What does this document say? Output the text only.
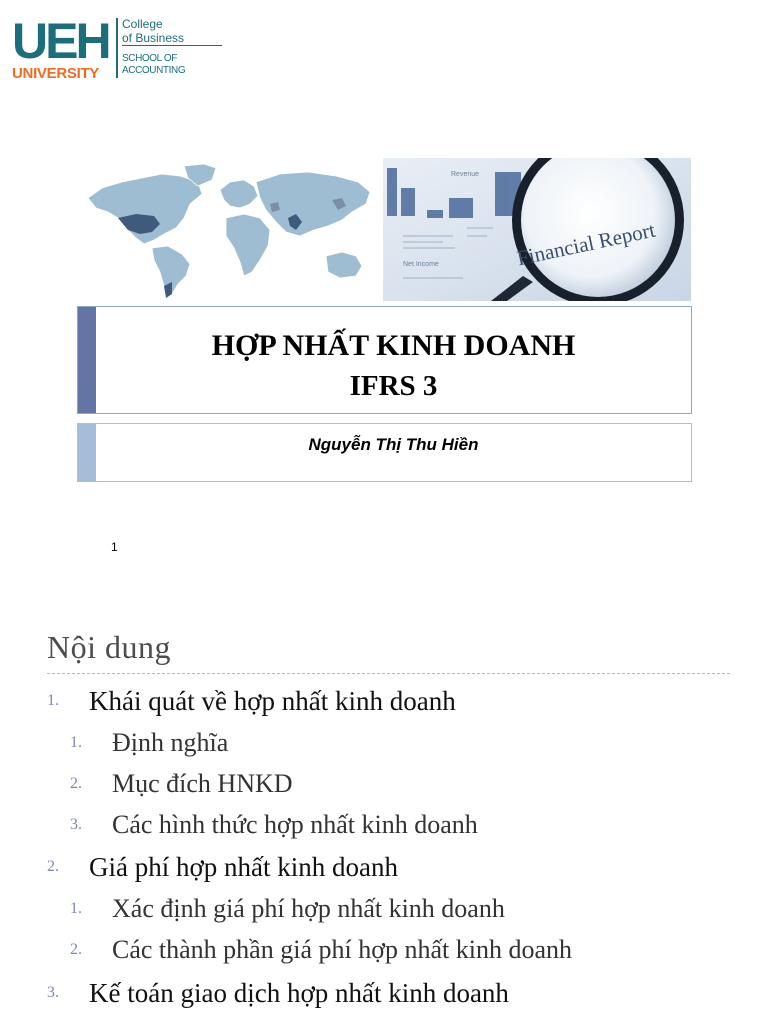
UEH
UNIVERSITY
College
of Business
SCHOOL OF ACCOUNTING
Revenue
Net Income	Financial Report
HỢP NHẤT KINH DOANH
IFRS 3
Nguyễn Thị Thu Hiền
1
Nội dung
1. Khái quát về hợp nhất kinh doanh
1. Định nghĩa
2. Mục đích HNKD
3. Các hình thức hợp nhất kinh doanh
2. Giá phí hợp nhất kinh doanh
1. Xác định giá phí hợp nhất kinh doanh
2. Các thành phần giá phí hợp nhất kinh doanh
3. Kế toán giao dịch hợp nhất kinh doanh
